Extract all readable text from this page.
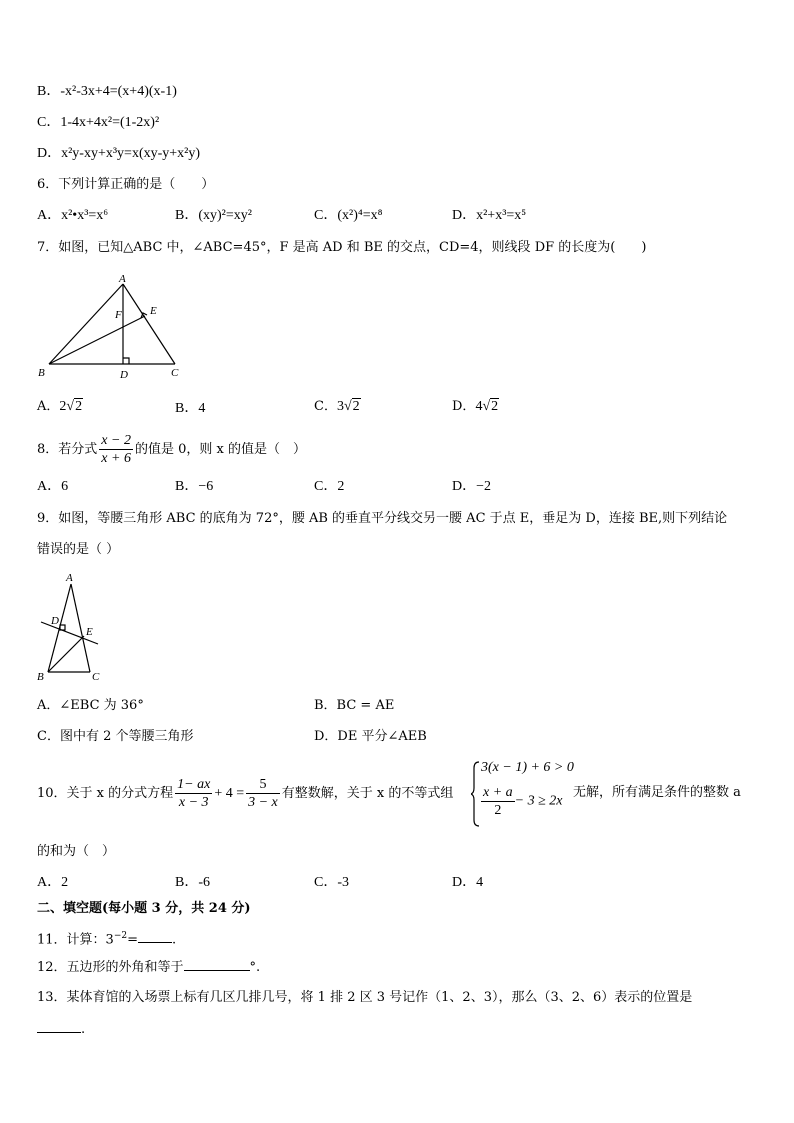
B．-x²-3x+4=(x+4)(x-1)
C．1-4x+4x²=(1-2x)²
D．x²y-xy+x³y=x(xy-y+x²y)
6．下列计算正确的是（　　）
A．x²•x³=x⁶	B．(xy)²=xy²	C．(x²)⁴=x⁸	D．x²+x³=x⁵
7．如图，已知△ABC 中，∠ABC=45°，F 是高 AD 和 BE 的交点，CD=4，则线段 DF 的长度为(　　)
A
B	C
D
E
F
A．2√2	B．4	C．3√2	D．4√2
8．若分式 $\frac{x - 2}{x + 6}$ 的值是 0，则 x 的值是（　）
A．6	B．−6	C．2	D．−2
9．如图，等腰三角形 ABC 的底角为 72°，腰 AB 的垂直平分线交另一腰 AC 于点 E，垂足为 D，连接 BE,则下列结论
错误的是（ ）
A
B	C
D
E
A．∠EBC 为 36°	B．BC = AE
C．图中有 2 个等腰三角形	D．DE 平分∠AEB
10．关于 x 的分式方程 $\frac{1- ax}{x - 3} + 4 = \frac{5}{3 - x}$ 有整数解，关于 x 的不等式组
3(x − 1) + 6 > 0
$\frac{x + a}{2} - 3 \ge 2x$
无解，所有满足条件的整数 a
的和为（　）
A．2	B．-6	C．-3	D．4
二、填空题(每小题 3 分，共 24 分)
11．计算：$3^{-2}=$	.
12．五边形的外角和等于	°.
13．某体育馆的入场票上标有几区几排几号，将 1 排 2 区 3 号记作（1、2、3），那么（3、2、6）表示的位置是
.
